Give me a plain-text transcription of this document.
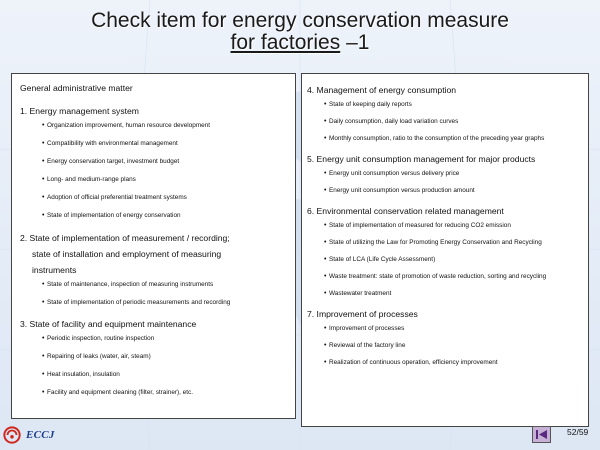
Check item for energy conservation measure
for factories –1
General administrative matter
1. Energy management system
• Organization improvement, human resource development
• Compatibility with environmental management
• Energy conservation target, investment budget
• Long- and medium-range plans
• Adoption of official preferential treatment systems
• State of implementation of energy conservation
2. State of implementation of measurement / recording;
state of installation and employment of measuring
instruments
• State of maintenance, inspection of measuring instruments
• State of implementation of periodic measurements and recording
3. State of facility and equipment maintenance
• Periodic inspection, routine inspection
• Repairing of leaks (water, air, steam)
• Heat insulation, insulation
• Facility and equipment cleaning (filter, strainer), etc.
4. Management of energy consumption
• State of keeping daily reports
• Daily consumption, daily load variation curves
• Monthly consumption, ratio to the consumption of the preceding year graphs
5. Energy unit consumption management for major products
• Energy unit consumption versus delivery price
• Energy unit consumption versus production amount
6. Environmental conservation related management
• State of implementation of measured for reducing CO2 emission
• State of utilizing the Law for Promoting Energy Conservation and Recycling
• State of LCA (Life Cycle Assessment)
• Waste treatment: state of promotion of waste reduction, sorting and recycling
• Wastewater treatment
7. Improvement of processes
• Improvement of processes
• Reviewal of the factory line
• Realization of continuous operation, efficiency improvement
ECCJ	52/59
